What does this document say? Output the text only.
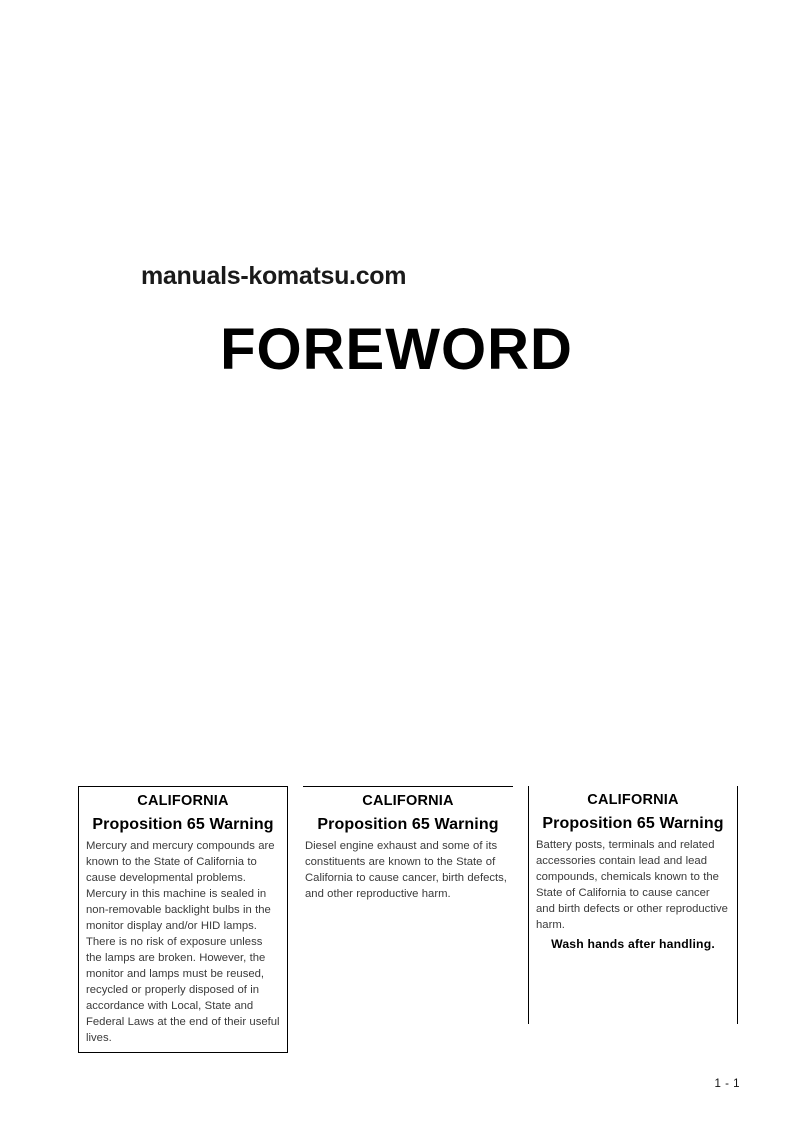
manuals-komatsu.com
FOREWORD
CALIFORNIA
Proposition 65 Warning
Mercury and mercury compounds are known to the State of California to cause developmental problems. Mercury in this machine is sealed in non-removable backlight bulbs in the monitor display and/or HID lamps. There is no risk of exposure unless the lamps are broken. However, the monitor and lamps must be reused, recycled or properly disposed of in accordance with Local, State and Federal Laws at the end of their useful lives.
CALIFORNIA
Proposition 65 Warning
Diesel engine exhaust and some of its constituents are known to the State of California to cause cancer, birth defects, and other reproductive harm.
CALIFORNIA
Proposition 65 Warning
Battery posts, terminals and related accessories contain lead and lead compounds, chemicals known to the State of California to cause cancer and birth defects or other reproductive harm.
Wash hands after handling.
1 - 1
